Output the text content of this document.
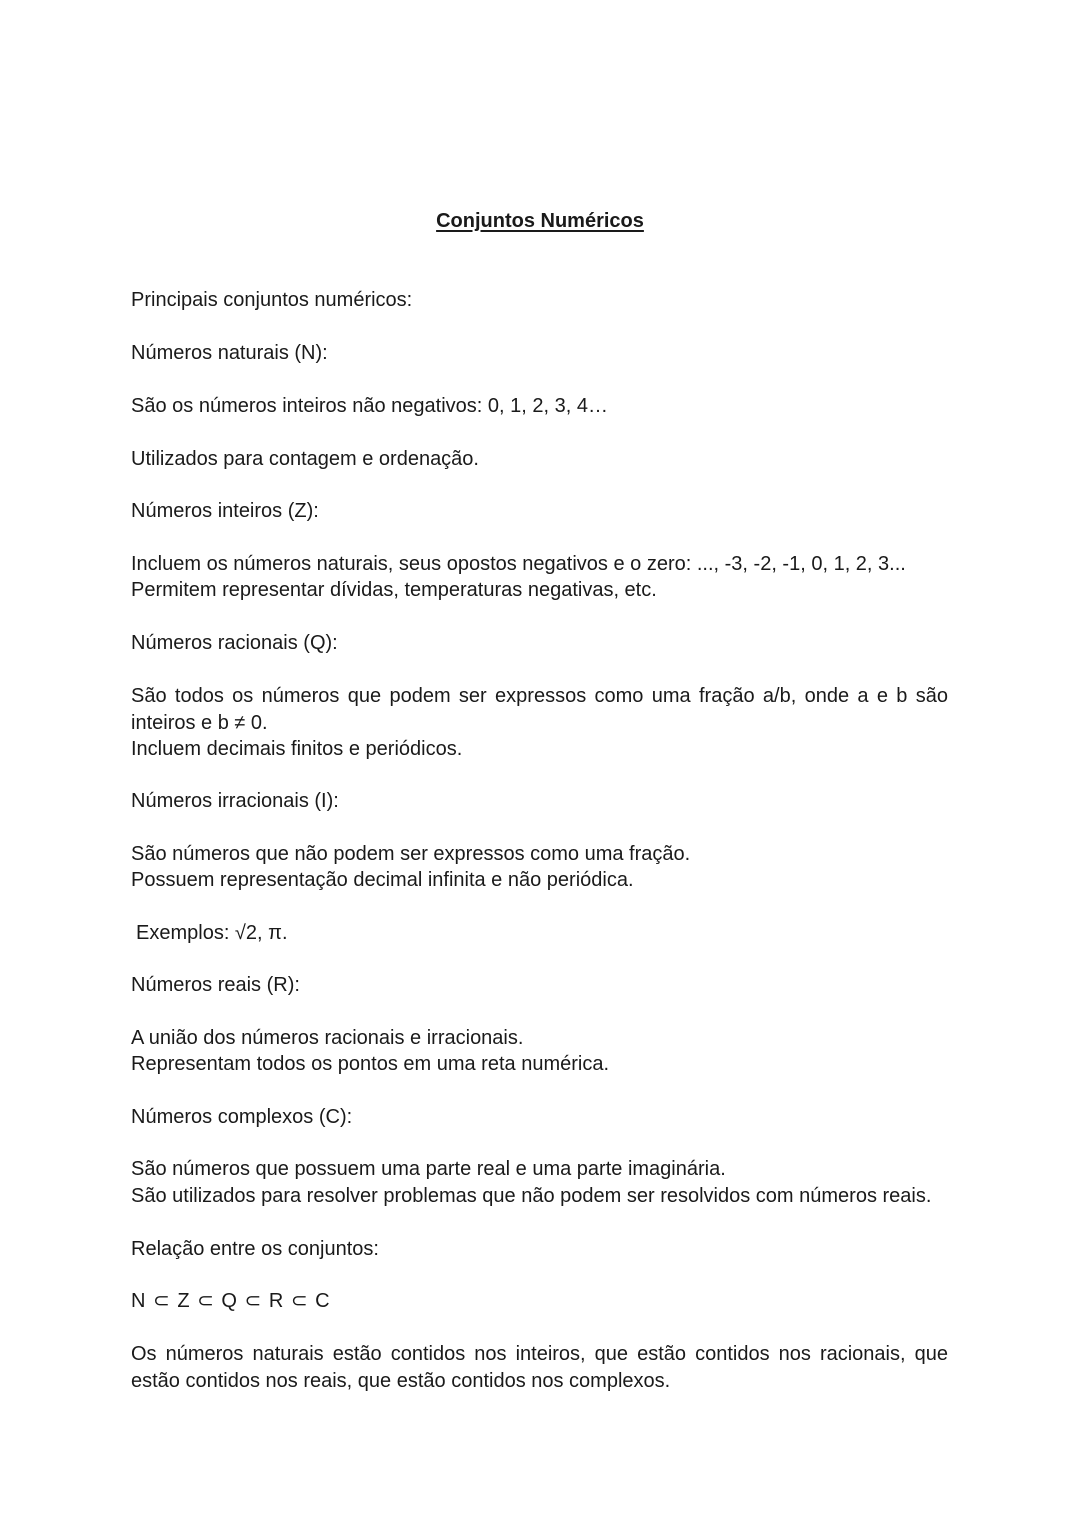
Conjuntos Numéricos
Principais conjuntos numéricos:
Números naturais (N):
São os números inteiros não negativos: 0, 1, 2, 3, 4…
Utilizados para contagem e ordenação.
Números inteiros (Z):
Incluem os números naturais, seus opostos negativos e o zero: ..., -3, -2, -1, 0, 1, 2, 3...
Permitem representar dívidas, temperaturas negativas, etc.
Números racionais (Q):
São todos os números que podem ser expressos como uma fração a/b, onde a e b são inteiros e b ≠ 0.
Incluem decimais finitos e periódicos.
Números irracionais (I):
São números que não podem ser expressos como uma fração.
Possuem representação decimal infinita e não periódica.
Exemplos: √2, π.
Números reais (R):
A união dos números racionais e irracionais.
Representam todos os pontos em uma reta numérica.
Números complexos (C):
São números que possuem uma parte real e uma parte imaginária.
São utilizados para resolver problemas que não podem ser resolvidos com números reais.
Relação entre os conjuntos:
N ⊂ Z ⊂ Q ⊂ R ⊂ C
Os números naturais estão contidos nos inteiros, que estão contidos nos racionais, que estão contidos nos reais, que estão contidos nos complexos.
